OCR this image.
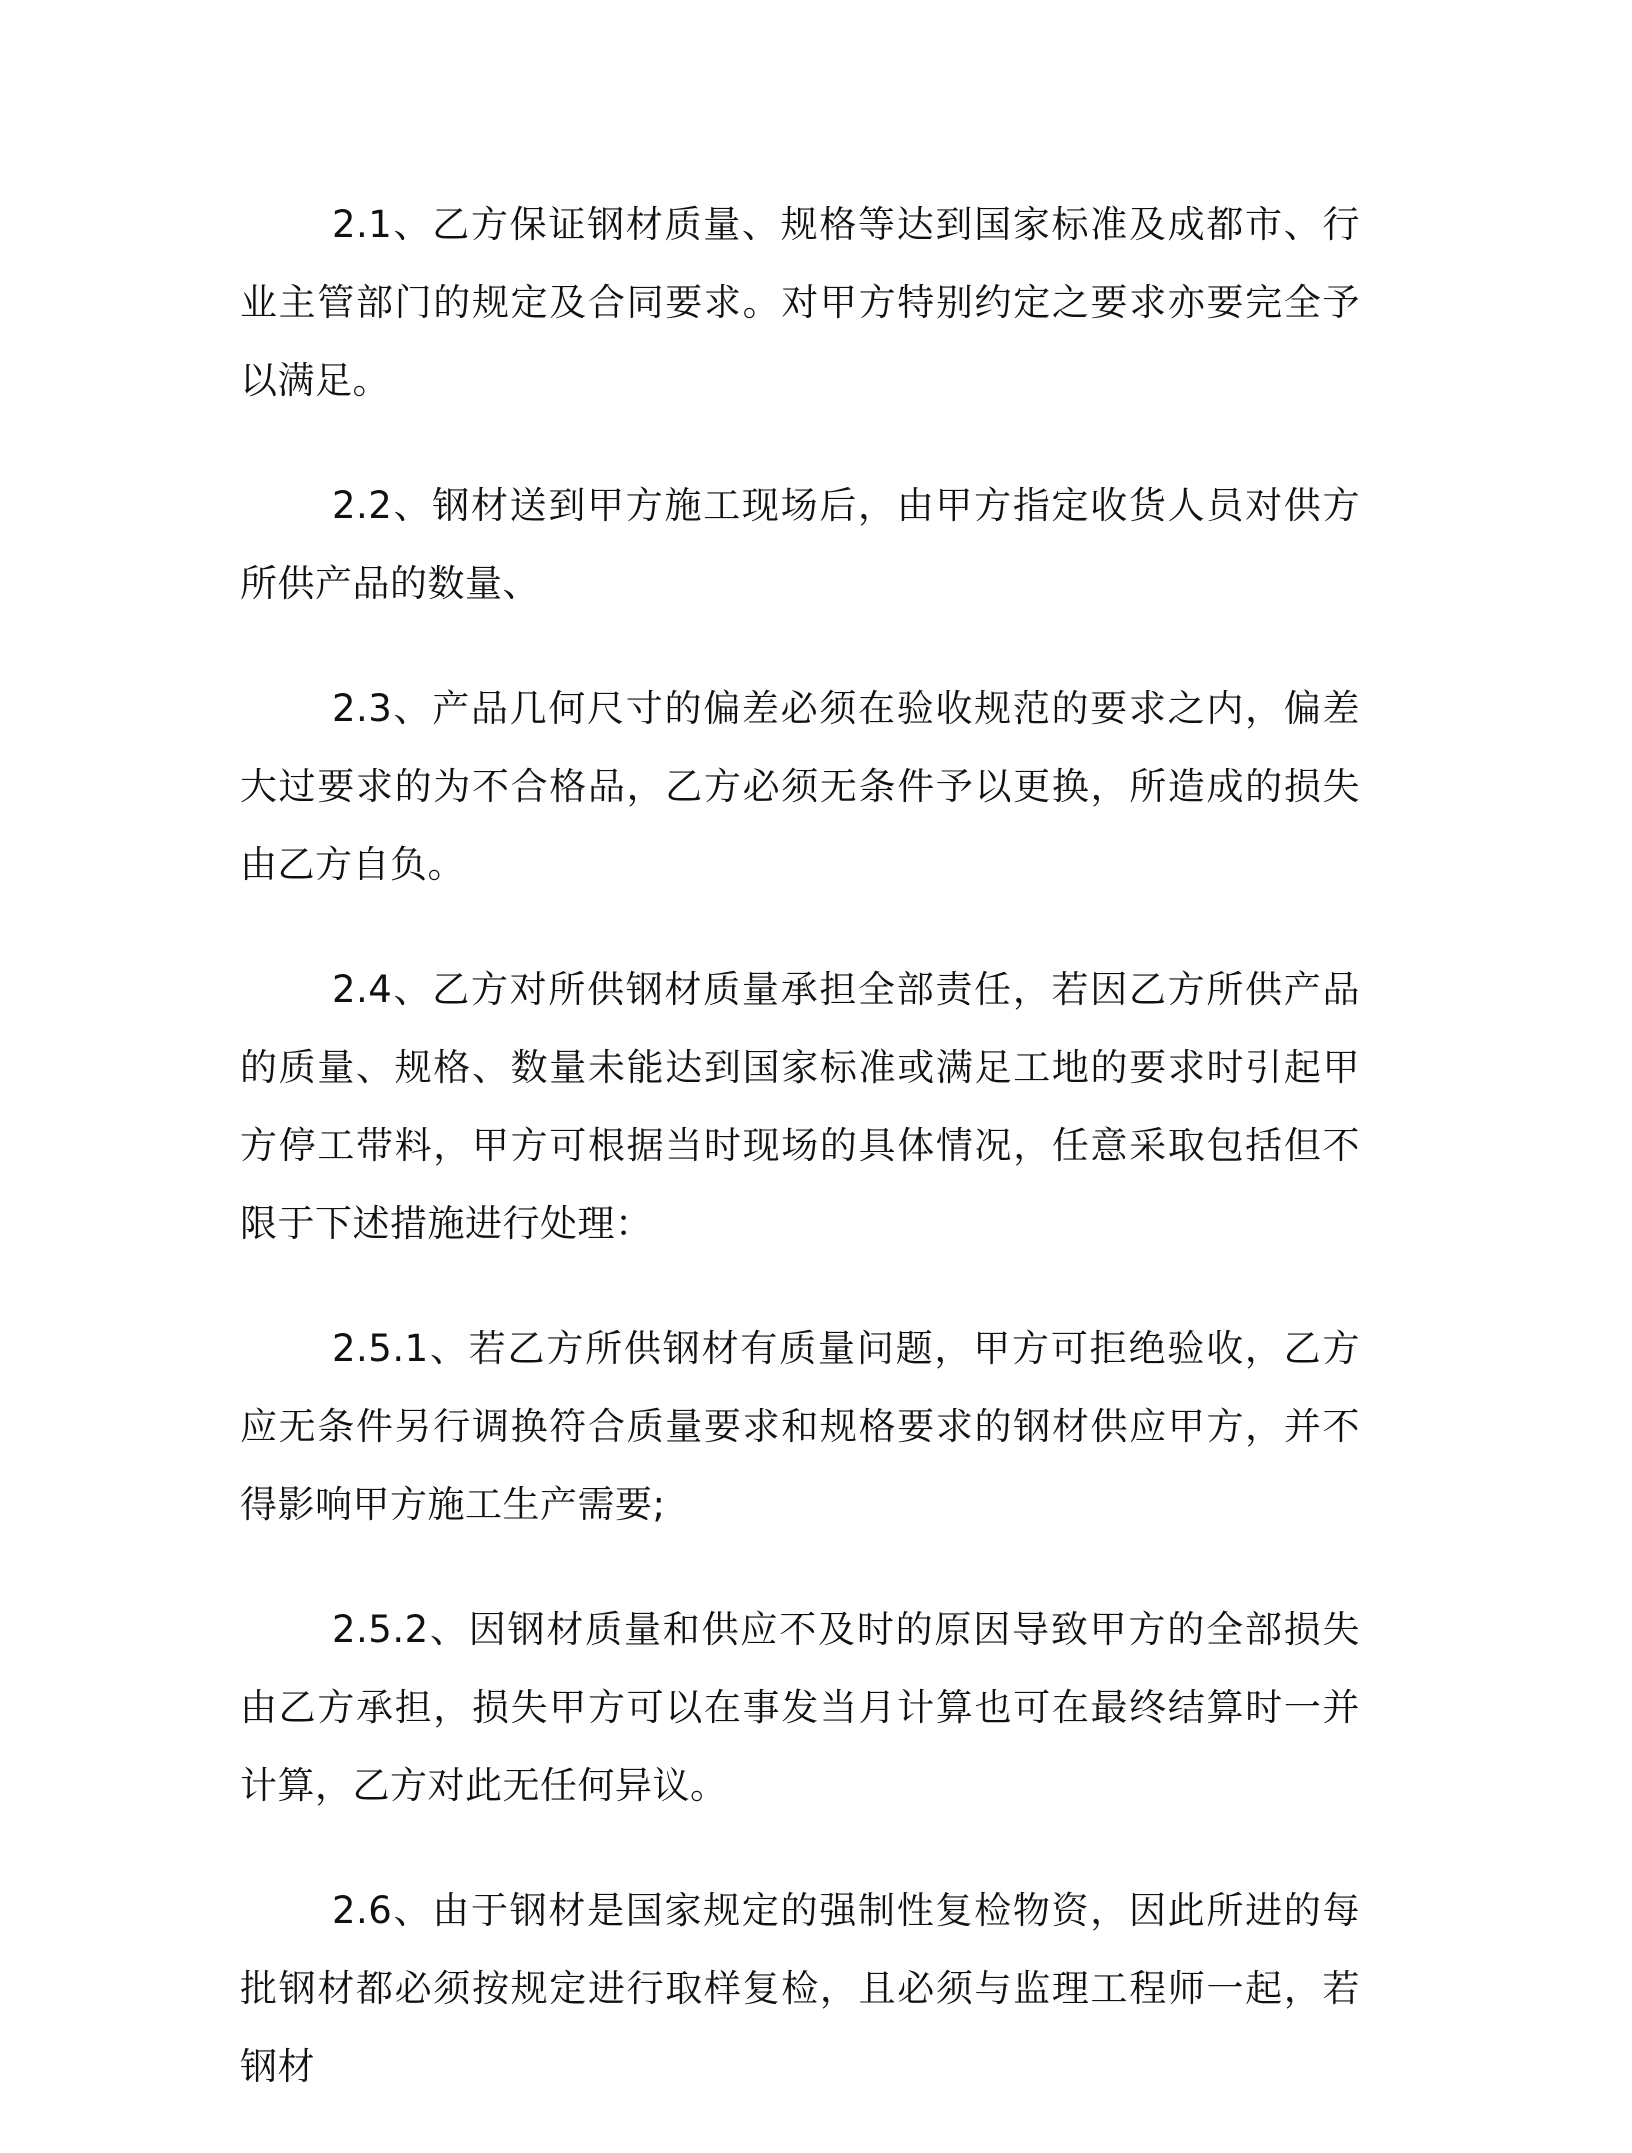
2.1、乙方保证钢材质量、规格等达到国家标准及成都市、行业主管部门的规定及合同要求。对甲方特别约定之要求亦要完全予以满足。

2.2、钢材送到甲方施工现场后，由甲方指定收货人员对供方所供产品的数量、

2.3、产品几何尺寸的偏差必须在验收规范的要求之内，偏差大过要求的为不合格品，乙方必须无条件予以更换，所造成的损失由乙方自负。

2.4、乙方对所供钢材质量承担全部责任，若因乙方所供产品的质量、规格、数量未能达到国家标准或满足工地的要求时引起甲方停工带料，甲方可根据当时现场的具体情况，任意采取包括但不限于下述措施进行处理：

2.5.1、若乙方所供钢材有质量问题，甲方可拒绝验收，乙方应无条件另行调换符合质量要求和规格要求的钢材供应甲方，并不得影响甲方施工生产需要;

2.5.2、因钢材质量和供应不及时的原因导致甲方的全部损失由乙方承担，损失甲方可以在事发当月计算也可在最终结算时一并计算，乙方对此无任何异议。

2.6、由于钢材是国家规定的强制性复检物资，因此所进的每批钢材都必须按规定进行取样复检，且必须与监理工程师一起，若钢材
